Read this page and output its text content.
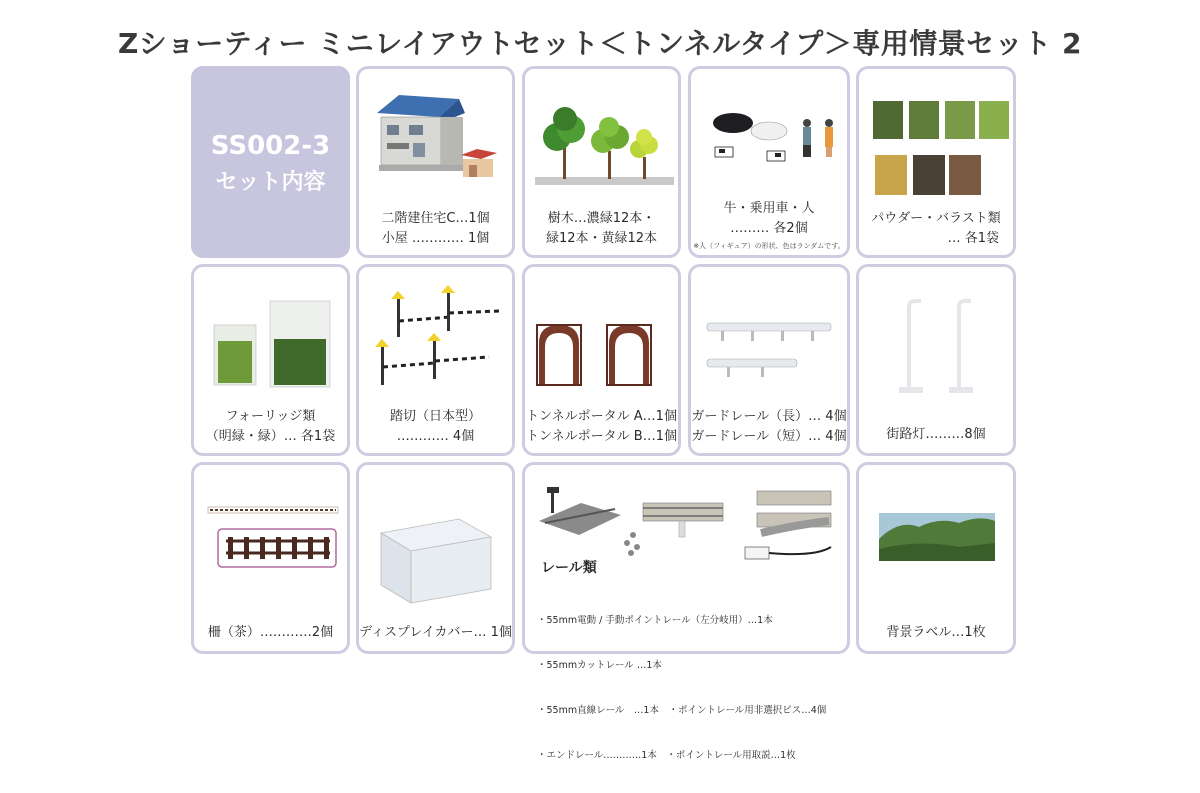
Zショーティー ミニレイアウトセット＜トンネルタイプ＞専用情景セット 2
SS002-3
セット内容
二階建住宅C…1個
小屋 ………… 1個
樹木…濃緑12本・
緑12本・黄緑12本
牛・乗用車・人
……… 各2個
※人（フィギュア）の形状、色はランダムです。
パウダー・バラスト類
… 各1袋
フォーリッジ類
（明緑・緑）… 各1袋
踏切（日本型）
………… 4個
トンネルポータル A…1個
トンネルポータル B…1個
ガードレール（長）… 4個
ガードレール（短）… 4個	街路灯………8個
柵（茶）…………2個	ディスプレイカバー… 1個
レール類

・55mm電動 / 手動ポイントレール（左分岐用）…1本

・55mmカットレール …1本

・55mm直線レール　…1本　・ポイントレール用非選択ビス…4個

・エンドレール…………1本　・ポイントレール用取説…1枚

背景ラベル…1枚
